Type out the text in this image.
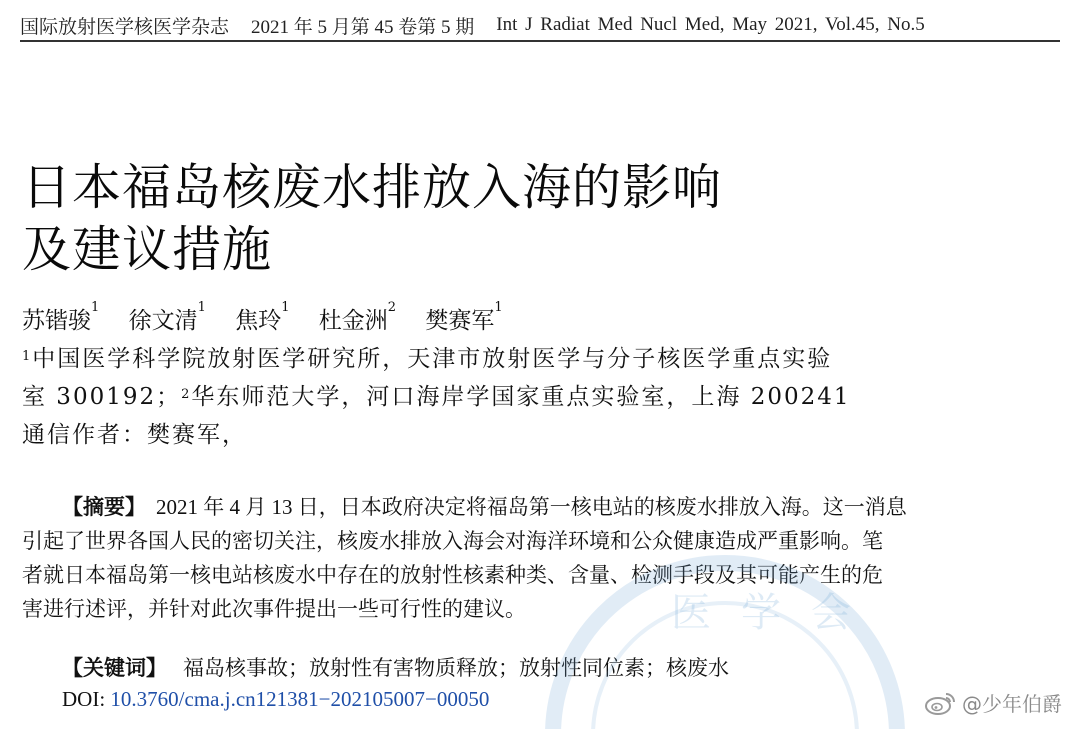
国际放射医学核医学杂志 2021 年 5 月第 45 卷第 5 期 Int J Radiat Med Nucl Med, May 2021, Vol.45, No.5
日本福岛核废水排放入海的影响
及建议措施
苏锴骏$^1$ 徐文清$^1$ 焦玲$^1$ 杜金洲$^2$ 樊赛军$^1$
$^1$中国医学科学院放射医学研究所，天津市放射医学与分子核医学重点实验
室 300192；$^2$华东师范大学，河口海岸学国家重点实验室，上海 200241
通信作者：樊赛军，
【摘要】 2021 年 4 月 13 日，日本政府决定将福岛第一核电站的核废水排放入海。这一消息
引起了世界各国人民的密切关注，核废水排放入海会对海洋环境和公众健康造成严重影响。笔
者就日本福岛第一核电站核废水中存在的放射性核素种类、含量、检测手段及其可能产生的危
害进行述评，并针对此次事件提出一些可行性的建议。
【关键词】 福岛核事故；放射性有害物质释放；放射性同位素；核废水
DOI: 10.3760/cma.j.cn121381−202105007−00050
医学会
@少年伯爵
